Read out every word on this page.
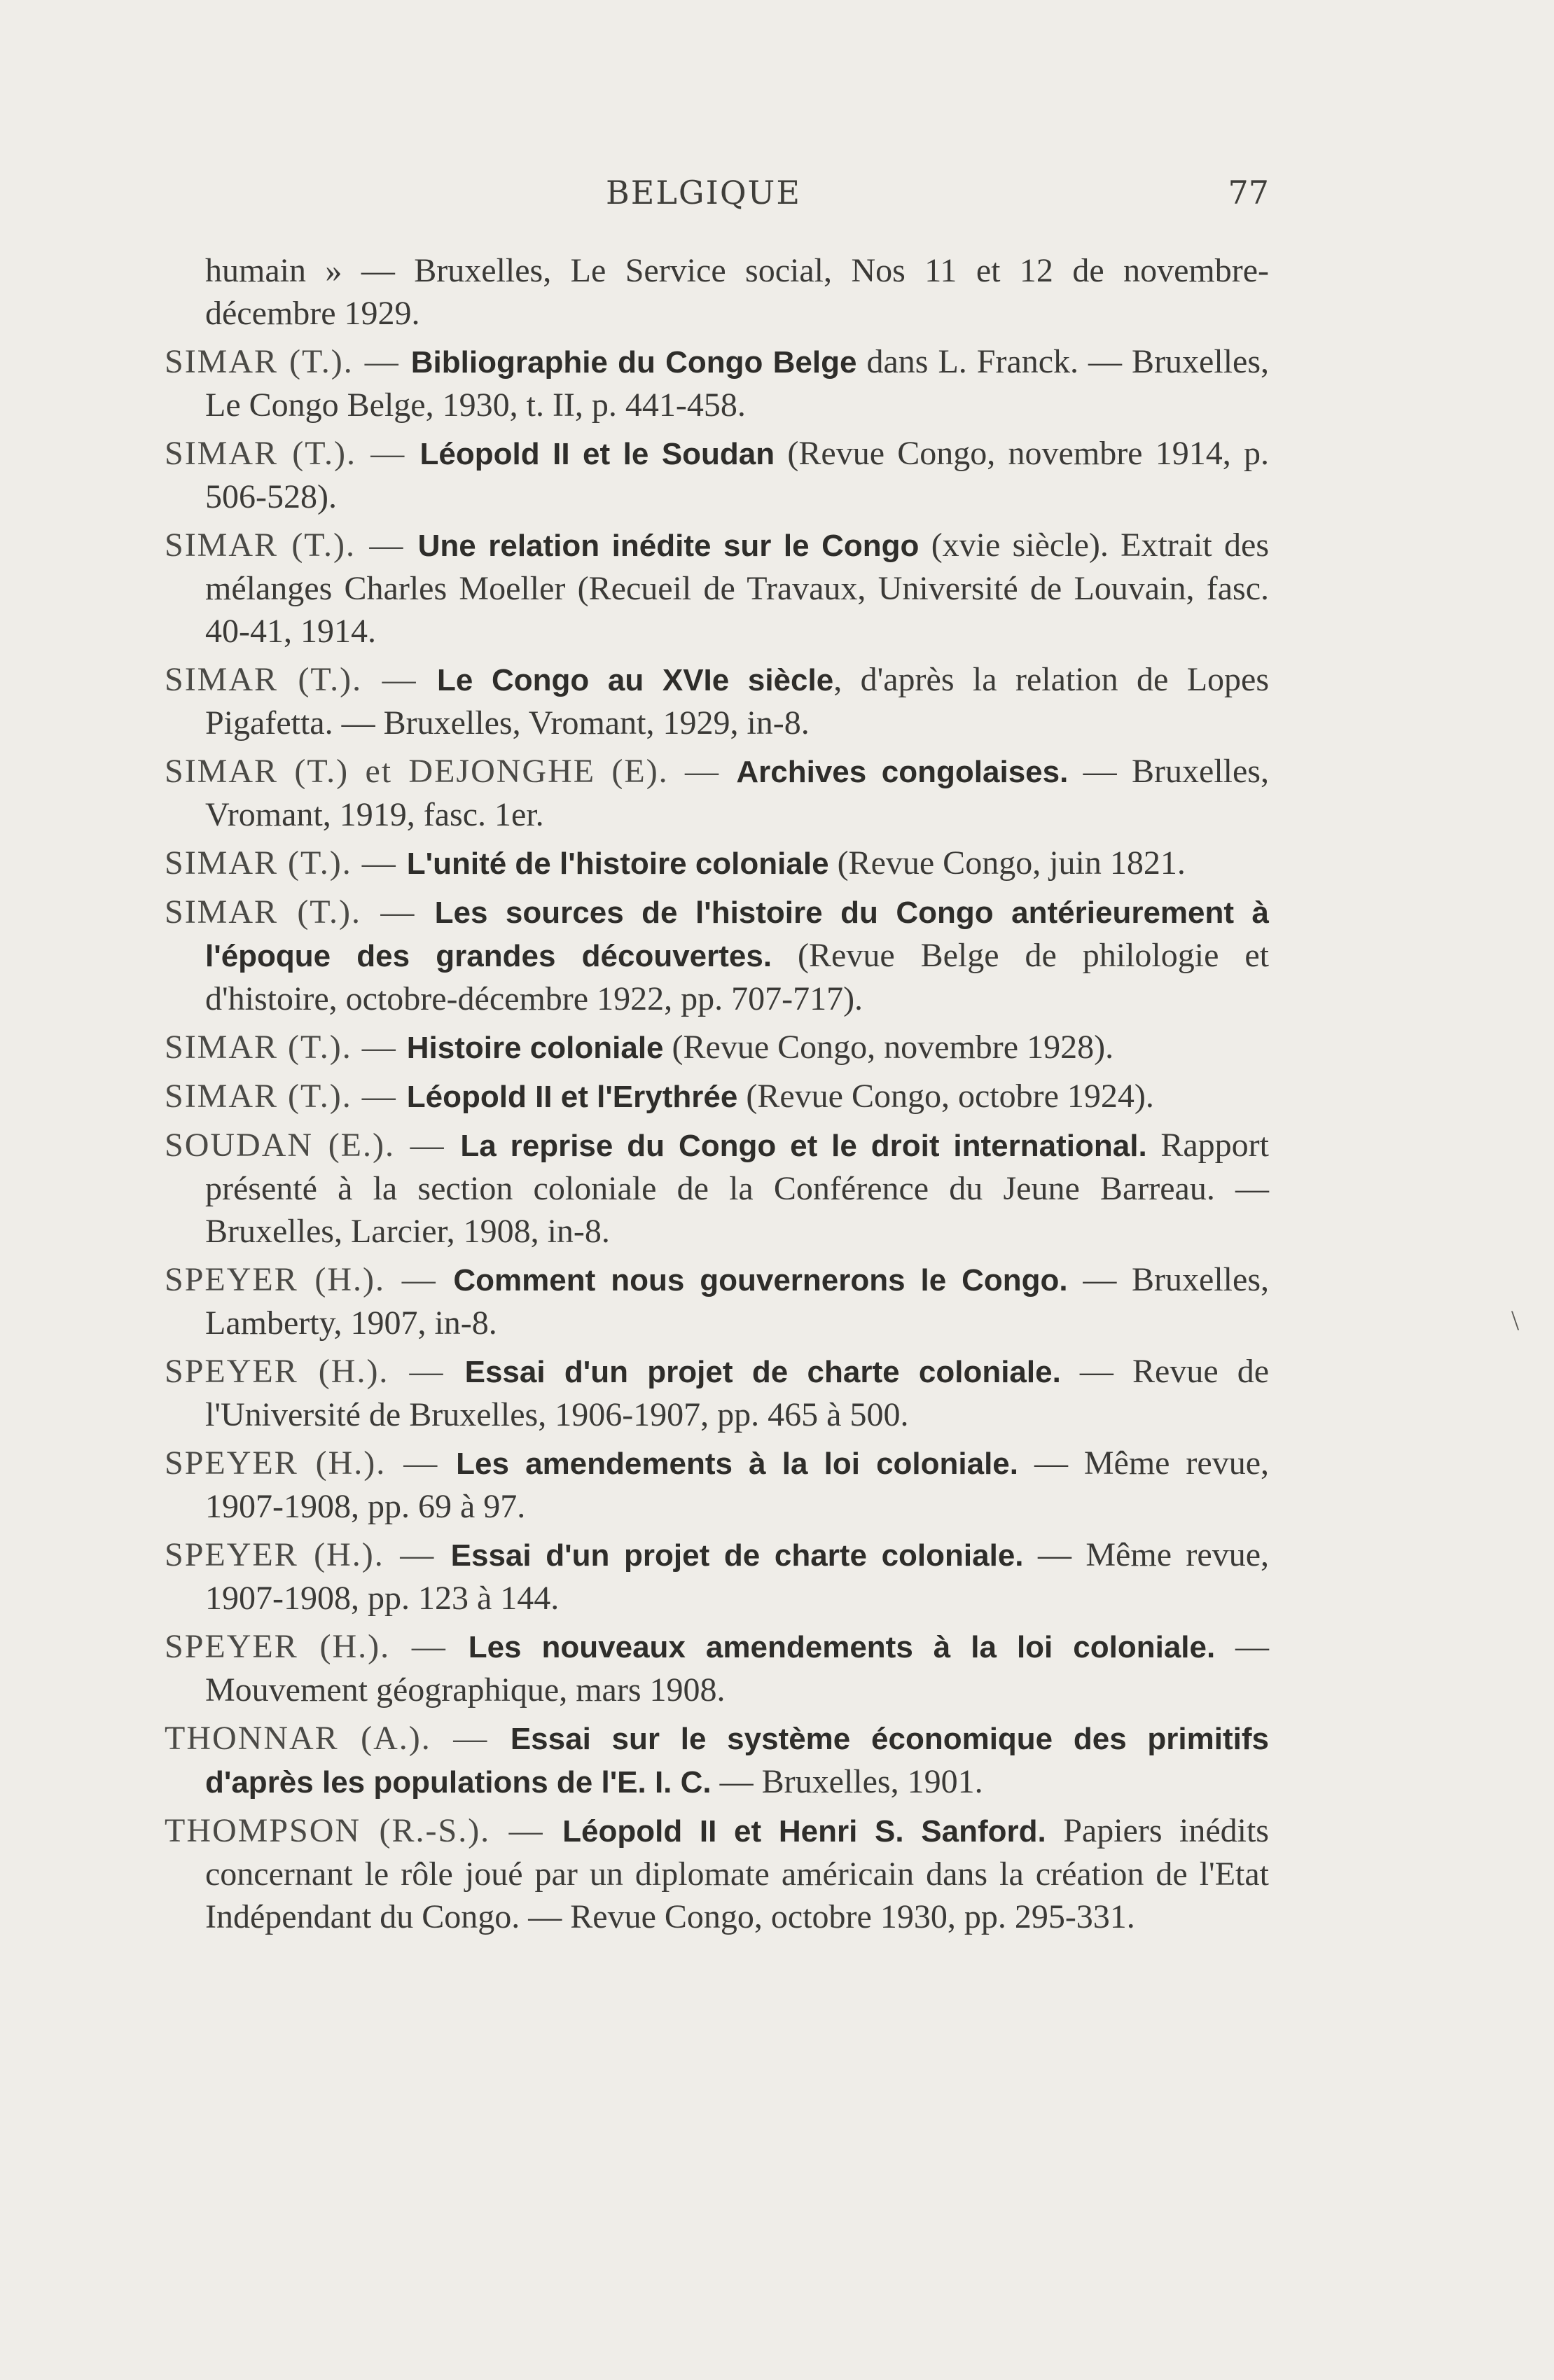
BELGIQUE	77
humain » — Bruxelles, Le Service social, Nos 11 et 12 de novembre-décembre 1929.
SIMAR (T.). — Bibliographie du Congo Belge dans L. Franck. — Bruxelles, Le Congo Belge, 1930, t. II, p. 441-458.
SIMAR (T.). — Léopold II et le Soudan (Revue Congo, novembre 1914, p. 506-528).
SIMAR (T.). — Une relation inédite sur le Congo (xvie siècle). Extrait des mélanges Charles Moeller (Recueil de Travaux, Université de Louvain, fasc. 40-41, 1914.
SIMAR (T.). — Le Congo au XVIe siècle, d'après la relation de Lopes Pigafetta. — Bruxelles, Vromant, 1929, in-8.
SIMAR (T.) et DEJONGHE (E). — Archives congolaises. — Bruxelles, Vromant, 1919, fasc. 1er.
SIMAR (T.). — L'unité de l'histoire coloniale (Revue Congo, juin 1821.
SIMAR (T.). — Les sources de l'histoire du Congo antérieurement à l'époque des grandes découvertes. (Revue Belge de philologie et d'histoire, octobre-décembre 1922, pp. 707-717).
SIMAR (T.). — Histoire coloniale (Revue Congo, novembre 1928).
SIMAR (T.). — Léopold II et l'Erythrée (Revue Congo, octobre 1924).
SOUDAN (E.). — La reprise du Congo et le droit international. Rapport présenté à la section coloniale de la Conférence du Jeune Barreau. — Bruxelles, Larcier, 1908, in-8.
SPEYER (H.). — Comment nous gouvernerons le Congo. — Bruxelles, Lamberty, 1907, in-8.
SPEYER (H.). — Essai d'un projet de charte coloniale. — Revue de l'Université de Bruxelles, 1906-1907, pp. 465 à 500.
SPEYER (H.). — Les amendements à la loi coloniale. — Même revue, 1907-1908, pp. 69 à 97.
SPEYER (H.). — Essai d'un projet de charte coloniale. — Même revue, 1907-1908, pp. 123 à 144.
SPEYER (H.). — Les nouveaux amendements à la loi coloniale. — Mouvement géographique, mars 1908.
THONNAR (A.). — Essai sur le système économique des primitifs d'après les populations de l'E. I. C. — Bruxelles, 1901.
THOMPSON (R.-S.). — Léopold II et Henri S. Sanford. Papiers inédits concernant le rôle joué par un diplomate américain dans la création de l'Etat Indépendant du Congo. — Revue Congo, octobre 1930, pp. 295-331.
\
